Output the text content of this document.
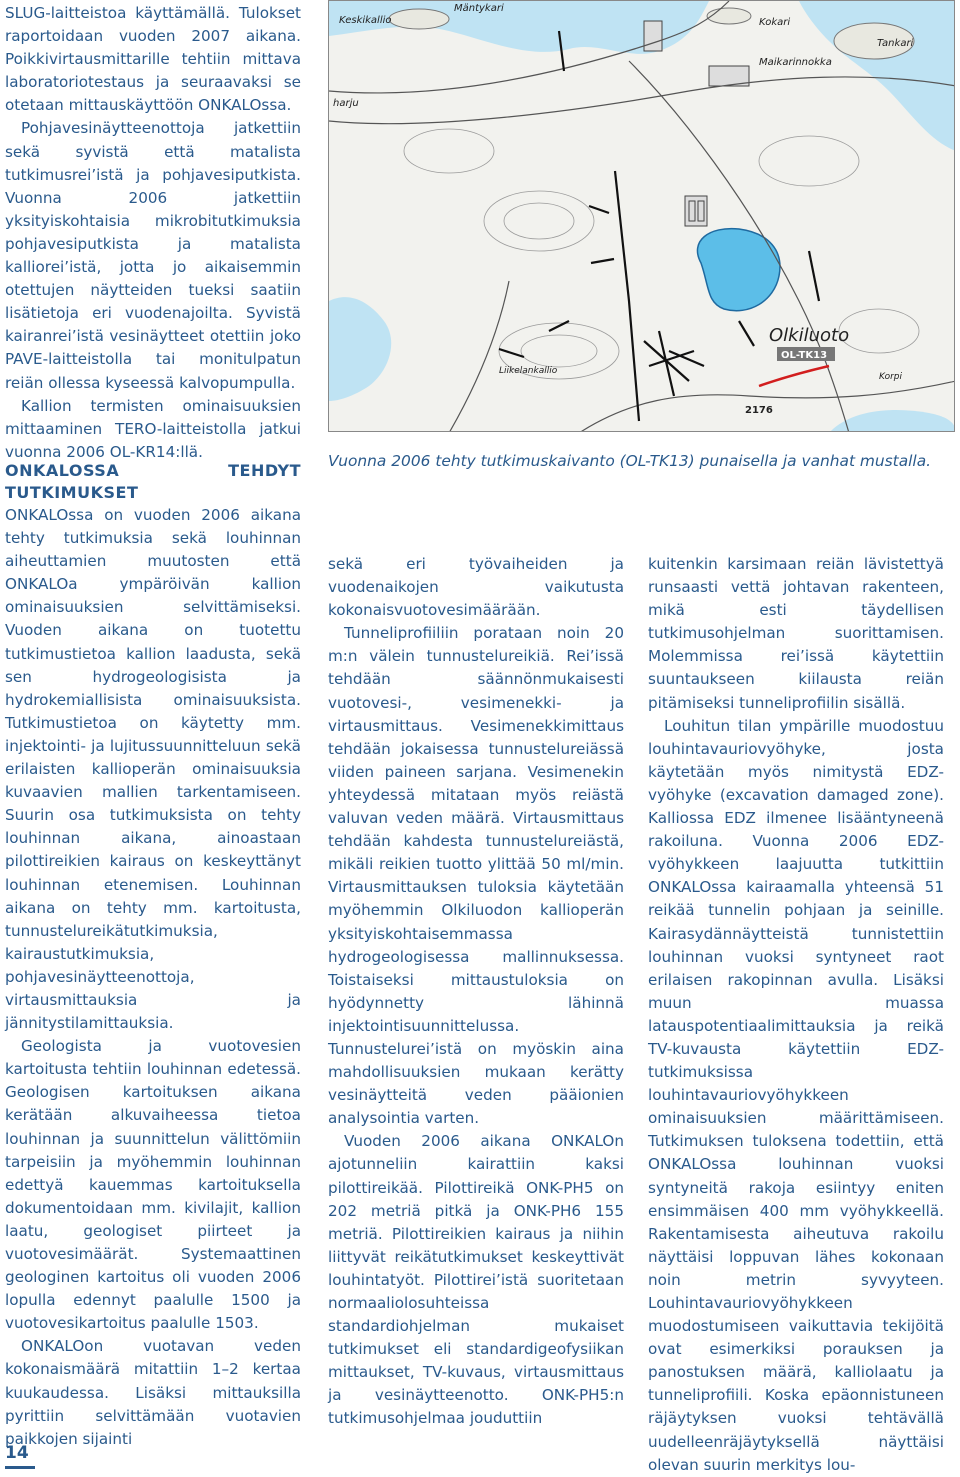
SLUG-laitteistoa käyttämällä. Tulokset raportoidaan vuoden 2007 aikana. Poikkivirtausmittarille tehtiin mittava laboratoriotestaus ja seuraavaksi se otetaan mittauskäyttöön ONKALOssa.

Pohjavesinäytteenottoja jatkettiin sekä syvistä että matalista tutkimusrei’istä ja pohjavesiputkista. Vuonna 2006 jatkettiin yksityiskohtaisia mikrobitutkimuksia pohjavesiputkista ja matalista kalliorei’istä, jotta jo aikaisemmin otettujen näytteiden tueksi saatiin lisätietoja eri vuodenajoilta. Syvistä kairanrei’istä vesinäytteet otettiin joko PAVE-laitteistolla tai monitulpatun reiän ollessa kyseessä kalvopumpulla.

Kallion termisten ominaisuuksien mittaaminen TERO-laitteistolla jatkui vuonna 2006 OL-KR14:llä.

Mäntykari
Keskikallio	Kokari
Tankari
Maikarinnokka
harju
Olkiluoto
OL-TK13
Liikelankallio
Korpi
2176
Vuonna 2006 tehty tutkimuskaivanto (OL-TK13) punaisella ja vanhat mustalla.

ONKALOSSA TEHDYT TUTKIMUKSET

ONKALOssa on vuoden 2006 aikana tehty tutkimuksia sekä louhinnan aiheuttamien muutosten että ONKALOa ympäröivän kallion ominaisuuksien selvittämiseksi. Vuoden aikana on tuotettu tutkimustietoa kallion laadusta, sekä sen hydrogeologisista ja hydrokemiallisista ominaisuuksista. Tutkimustietoa on käytetty mm. injektointi- ja lujitussuunnitteluun sekä erilaisten kallioperän ominaisuuksia kuvaavien mallien tarkentamiseen. Suurin osa tutkimuksista on tehty louhinnan aikana, ainoastaan pilottireikien kairaus on keskeyttänyt louhinnan etenemisen. Louhinnan aikana on tehty mm. kartoitusta, tunnustelureikätutkimuksia, kairaustutkimuksia, pohjavesinäytteenottoja, virtausmittauksia ja jännitystilamittauksia.

Geologista ja vuotovesien kartoitusta tehtiin louhinnan edetessä. Geologisen kartoituksen aikana kerätään alkuvaiheessa tietoa louhinnan ja suunnittelun välittömiin tarpeisiin ja myöhemmin louhinnan edettyä kauemmas kartoituksella dokumentoidaan mm. kivilajit, kallion laatu, geologiset piirteet ja vuotovesimäärät. Systemaattinen geologinen kartoitus oli vuoden 2006 lopulla edennyt paalulle 1500 ja vuotovesikartoitus paalulle 1503.

ONKALOon vuotavan veden kokonaismäärä mitattiin 1–2 kertaa kuukaudessa. Lisäksi mittauksilla pyrittiin selvittämään vuotavien paikkojen sijainti

sekä eri työvaiheiden ja vuodenaikojen vaikutusta kokonaisvuotovesimäärään.

Tunneliprofiiliin porataan noin 20 m:n välein tunnustelureikiä. Rei’issä tehdään säännönmukaisesti vuotovesi-, vesimenekki- ja virtausmittaus. Vesimenekkimittaus tehdään jokaisessa tunnustelureiässä viiden paineen sarjana. Vesimenekin yhteydessä mitataan myös reiästä valuvan veden määrä. Virtausmittaus tehdään kahdesta tunnustelureiästä, mikäli reikien tuotto ylittää 50 ml/min. Virtausmittauksen tuloksia käytetään myöhemmin Olkiluodon kallioperän yksityiskohtaisemmassa hydrogeologisessa mallinnuksessa. Toistaiseksi mittaustuloksia on hyödynnetty lähinnä injektointisuunnittelussa. Tunnustelurei’istä on myöskin aina mahdollisuuksien mukaan kerätty vesinäytteitä veden pääionien analysointia varten.

Vuoden 2006 aikana ONKALOn ajotunneliin kairattiin kaksi pilottireikää. Pilottireikä ONK-PH5 on 202 metriä pitkä ja ONK-PH6 155 metriä. Pilottireikien kairaus ja niihin liittyvät reikätutkimukset keskeyttivät louhintatyöt. Pilottirei’istä suoritetaan normaaliolosuhteissa standardiohjelman mukaiset tutkimukset eli standardigeofysiikan mittaukset, TV-kuvaus, virtausmittaus ja vesinäytteenotto. ONK-PH5:n tutkimusohjelmaa jouduttiin

kuitenkin karsimaan reiän lävistettyä runsaasti vettä johtavan rakenteen, mikä esti täydellisen tutkimusohjelman suorittamisen. Molemmissa rei’issä käytettiin suuntaukseen kiilausta reiän pitämiseksi tunneliprofiilin sisällä.

Louhitun tilan ympärille muodostuu louhintavauriovyöhyke, josta käytetään myös nimitystä EDZ-vyöhyke (excavation damaged zone). Kalliossa EDZ ilmenee lisääntyneenä rakoiluna. Vuonna 2006 EDZ-vyöhykkeen laajuutta tutkittiin ONKALOssa kairaamalla yhteensä 51 reikää tunnelin pohjaan ja seinille. Kairasydännäytteistä tunnistettiin louhinnan vuoksi syntyneet raot erilaisen rakopinnan avulla. Lisäksi muun muassa latauspotentiaalimittauksia ja reikä TV-kuvausta käytettiin EDZ-tutkimuksissa louhintavauriovyöhykkeen ominaisuuksien määrittämiseen. Tutkimuksen tuloksena todettiin, että ONKALOssa louhinnan vuoksi syntyneitä rakoja esiintyy eniten ensimmäisen 400 mm vyöhykkeellä. Rakentamisesta aiheutuva rakoilu näyttäisi loppuvan lähes kokonaan noin metrin syvyyteen. Louhintavauriovyöhykkeen muodostumiseen vaikuttavia tekijöitä ovat esimerkiksi porauksen ja panostuksen määrä, kalliolaatu ja tunneliprofiili. Koska epäonnistuneen räjäytyksen vuoksi tehtävällä uudelleenräjäytyksellä näyttäisi olevan suurin merkitys lou-

14
